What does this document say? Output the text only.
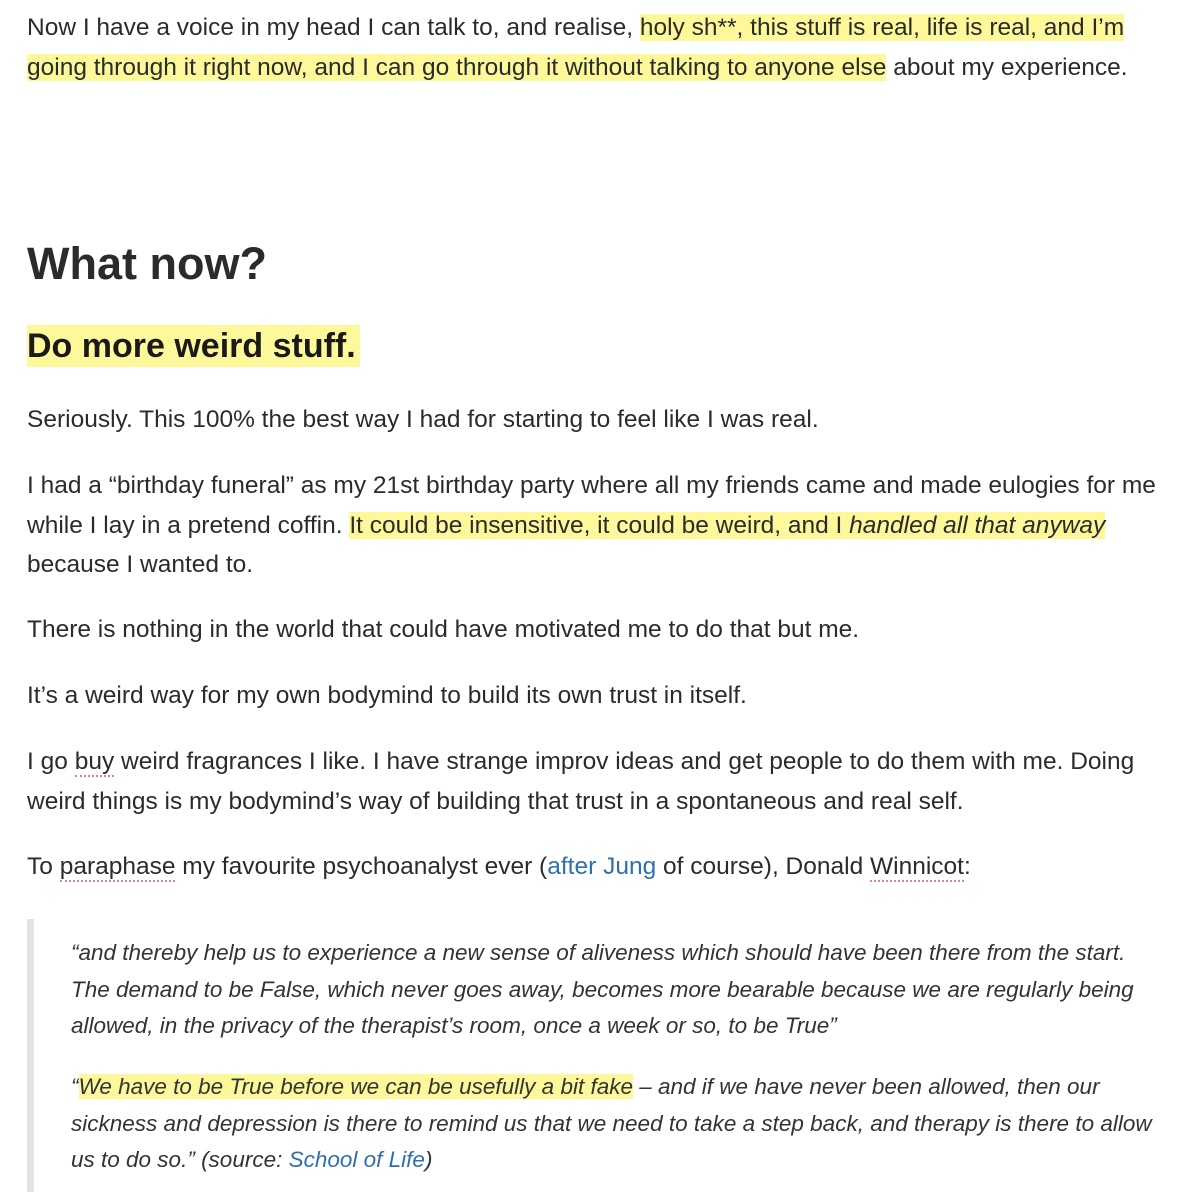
Now I have a voice in my head I can talk to, and realise, holy sh**, this stuff is real, life is real, and I’m going through it right now, and I can go through it without talking to anyone else about my experience.

What now?
Do more weird stuff.

Seriously. This 100% the best way I had for starting to feel like I was real.

I had a “birthday funeral” as my 21st birthday party where all my friends came and made eulogies for me while I lay in a pretend coffin. It could be insensitive, it could be weird, and I handled all that anyway because I wanted to.

There is nothing in the world that could have motivated me to do that but me.

It’s a weird way for my own bodymind to build its own trust in itself.

I go buy weird fragrances I like. I have strange improv ideas and get people to do them with me. Doing weird things is my bodymind’s way of building that trust in a spontaneous and real self.

To paraphase my favourite psychoanalyst ever (after Jung of course), Donald Winnicot:

“and thereby help us to experience a new sense of aliveness which should have been there from the start. The demand to be False, which never goes away, becomes more bearable because we are regularly being allowed, in the privacy of the therapist’s room, once a week or so, to be True”

“We have to be True before we can be usefully a bit fake – and if we have never been allowed, then our sickness and depression is there to remind us that we need to take a step back, and therapy is there to allow us to do so.” (source: School of Life)
